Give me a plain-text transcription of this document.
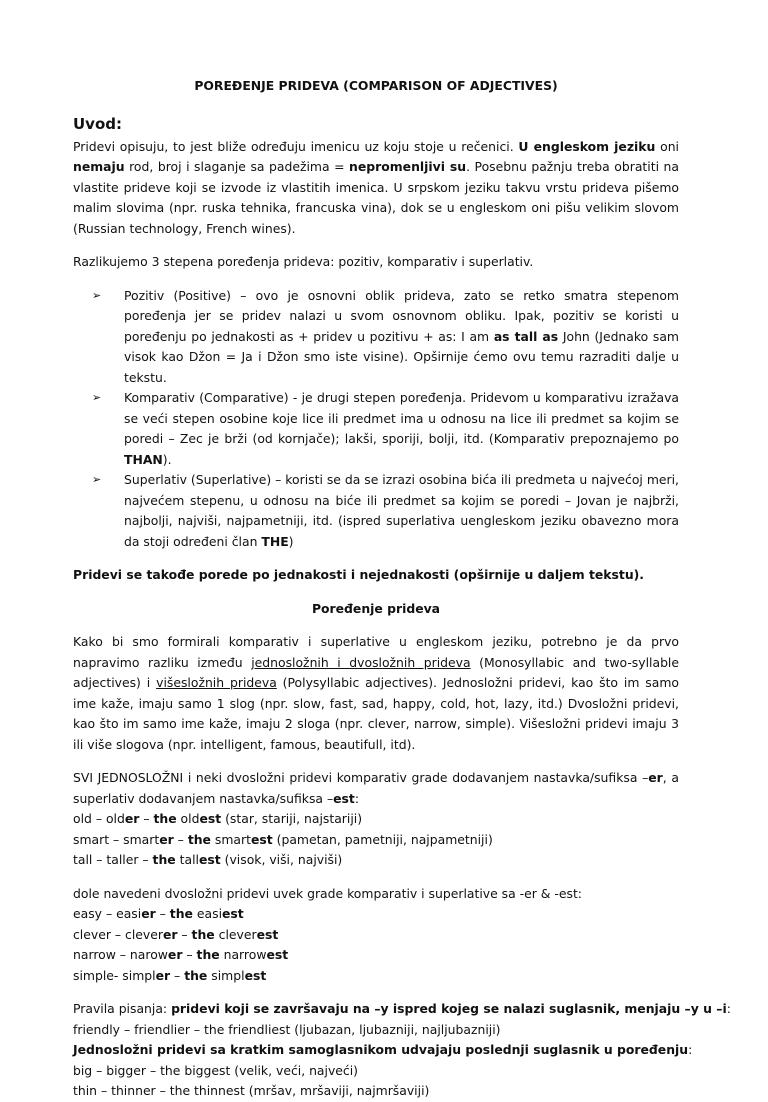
POREĐENJE PRIDEVA (COMPARISON OF ADJECTIVES)

Uvod:

Pridevi opisuju, to jest bliže određuju imenicu uz koju stoje u rečenici. U engleskom jeziku oni nemaju rod, broj i slaganje sa padežima = nepromenljivi su. Posebnu pažnju treba obratiti na vlastite prideve koji se izvode iz vlastitih imenica. U srpskom jeziku takvu vrstu prideva pišemo malim slovima (npr. ruska tehnika, francuska vina), dok se u engleskom oni pišu velikim slovom (Russian technology, French wines).

Razlikujemo 3 stepena poređenja prideva: pozitiv, komparativ i superlativ.

➢ Pozitiv (Positive) – ovo je osnovni oblik prideva, zato se retko smatra stepenom poređenja jer se pridev nalazi u svom osnovnom obliku. Ipak, pozitiv se koristi u poređenju po jednakosti as + pridev u pozitivu + as: I am as tall as John (Jednako sam visok kao Džon = Ja i Džon smo iste visine). Opširnije ćemo ovu temu razraditi dalje u tekstu.
➢ Komparativ (Comparative) - je drugi stepen poređenja. Pridevom u komparativu izražava se veći stepen osobine koje lice ili predmet ima u odnosu na lice ili predmet sa kojim se poredi – Zec je brži (od kornjače); lakši, sporiji, bolji, itd. (Komparativ prepoznajemo po THAN).
➢ Superlativ (Superlative) – koristi se da se izrazi osobina bića ili predmeta u najvećoj meri, najvećem stepenu, u odnosu na biće ili predmet sa kojim se poredi – Jovan je najbrži, najbolji, najviši, najpametniji, itd. (ispred superlativa uengleskom jeziku obavezno mora da stoji određeni član THE)

Pridevi se takođe porede po jednakosti i nejednakosti (opširnije u daljem tekstu).

Poređenje prideva

Kako bi smo formirali komparativ i superlative u engleskom jeziku, potrebno je da prvo napravimo razliku između jednosložnih i dvosložnih prideva (Monosyllabic and two-syllable adjectives) i višesložnih prideva (Polysyllabic adjectives). Jednosložni pridevi, kao što im samo ime kaže, imaju samo 1 slog (npr. slow, fast, sad, happy, cold, hot, lazy, itd.) Dvosložni pridevi, kao što im samo ime kaže, imaju 2 sloga (npr. clever, narrow, simple). Višesložni pridevi imaju 3 ili više slogova (npr. intelligent, famous, beautifull, itd).

SVI JEDNOSLOŽNI i neki dvosložni pridevi komparativ grade dodavanjem nastavka/sufiksa –er, a superlativ dodavanjem nastavka/sufiksa –est:

old – older – the oldest (star, stariji, najstariji)
smart – smarter – the smartest (pametan, pametniji, najpametniji)
tall – taller – the tallest (visok, viši, najviši)

dole navedeni dvosložni pridevi uvek grade komparativ i superlative sa -er & -est:

easy – easier – the easiest
clever – cleverer – the cleverest
narrow – narower – the narrowest
simple- simpler – the simplest

Pravila pisanja: pridevi koji se završavaju na –y ispred kojeg se nalazi suglasnik, menjaju –y u –i:

friendly – friendlier – the friendliest (ljubazan, ljubazniji, najljubazniji)
Jednosložni pridevi sa kratkim samoglasnikom udvajaju poslednji suglasnik u poređenju:
big – bigger – the biggest (velik, veći, najveći)
thin – thinner – the thinnest (mršav, mršaviji, najmršaviji)
